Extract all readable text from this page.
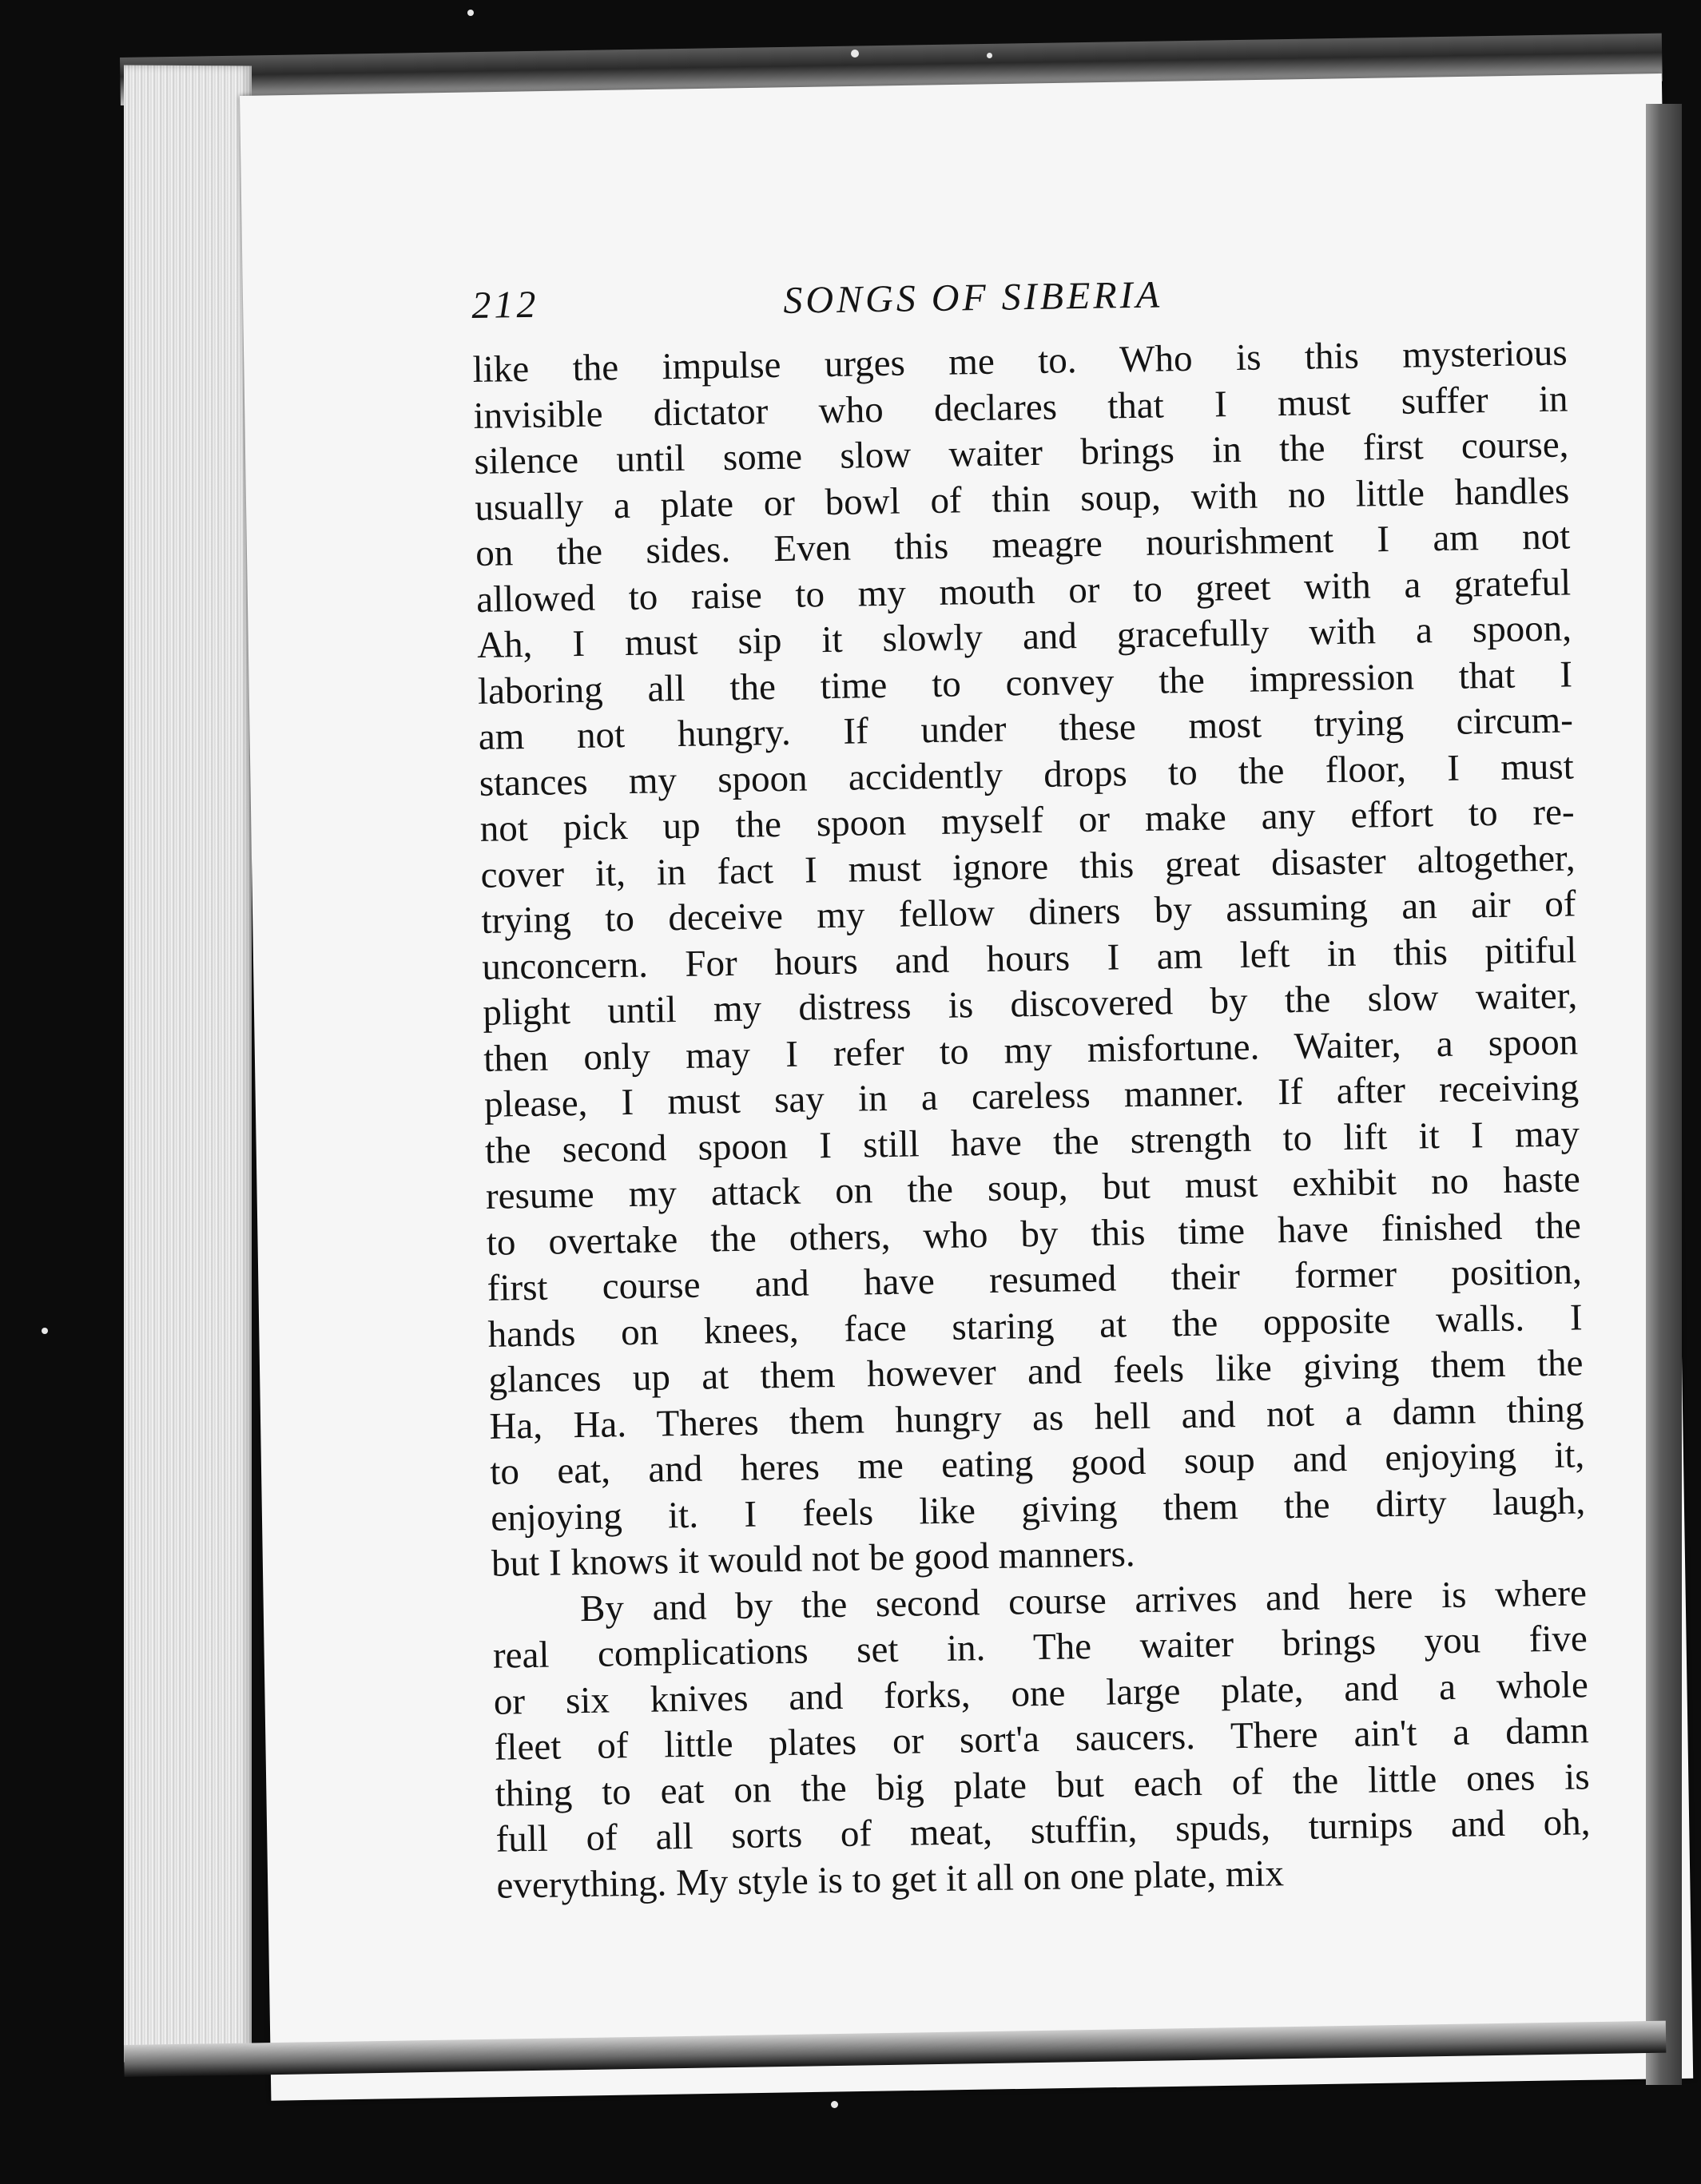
212	SONGS OF SIBERIA
like the impulse urges me to. Who is this mysterious
invisible dictator who declares that I must suffer in
silence until some slow waiter brings in the first course,
usually a plate or bowl of thin soup, with no little handles
on the sides. Even this meagre nourishment I am not
allowed to raise to my mouth or to greet with a grateful
Ah, I must sip it slowly and gracefully with a spoon,
laboring all the time to convey the impression that I
am not hungry. If under these most trying circum-
stances my spoon accidently drops to the floor, I must
not pick up the spoon myself or make any effort to re-
cover it, in fact I must ignore this great disaster altogether,
trying to deceive my fellow diners by assuming an air of
unconcern. For hours and hours I am left in this pitiful
plight until my distress is discovered by the slow waiter,
then only may I refer to my misfortune. Waiter, a spoon
please, I must say in a careless manner. If after receiving
the second spoon I still have the strength to lift it I may
resume my attack on the soup, but must exhibit no haste
to overtake the others, who by this time have finished the
first course and have resumed their former position,
hands on knees, face staring at the opposite walls. I
glances up at them however and feels like giving them the
Ha, Ha. Theres them hungry as hell and not a damn thing
to eat, and heres me eating good soup and enjoying it,
enjoying it. I feels like giving them the dirty laugh,
but I knows it would not be good manners.
By and by the second course arrives and here is where
real complications set in. The waiter brings you five
or six knives and forks, one large plate, and a whole
fleet of little plates or sort'a saucers. There ain't a damn
thing to eat on the big plate but each of the little ones is
full of all sorts of meat, stuffin, spuds, turnips and oh,
everything. My style is to get it all on one plate, mix
